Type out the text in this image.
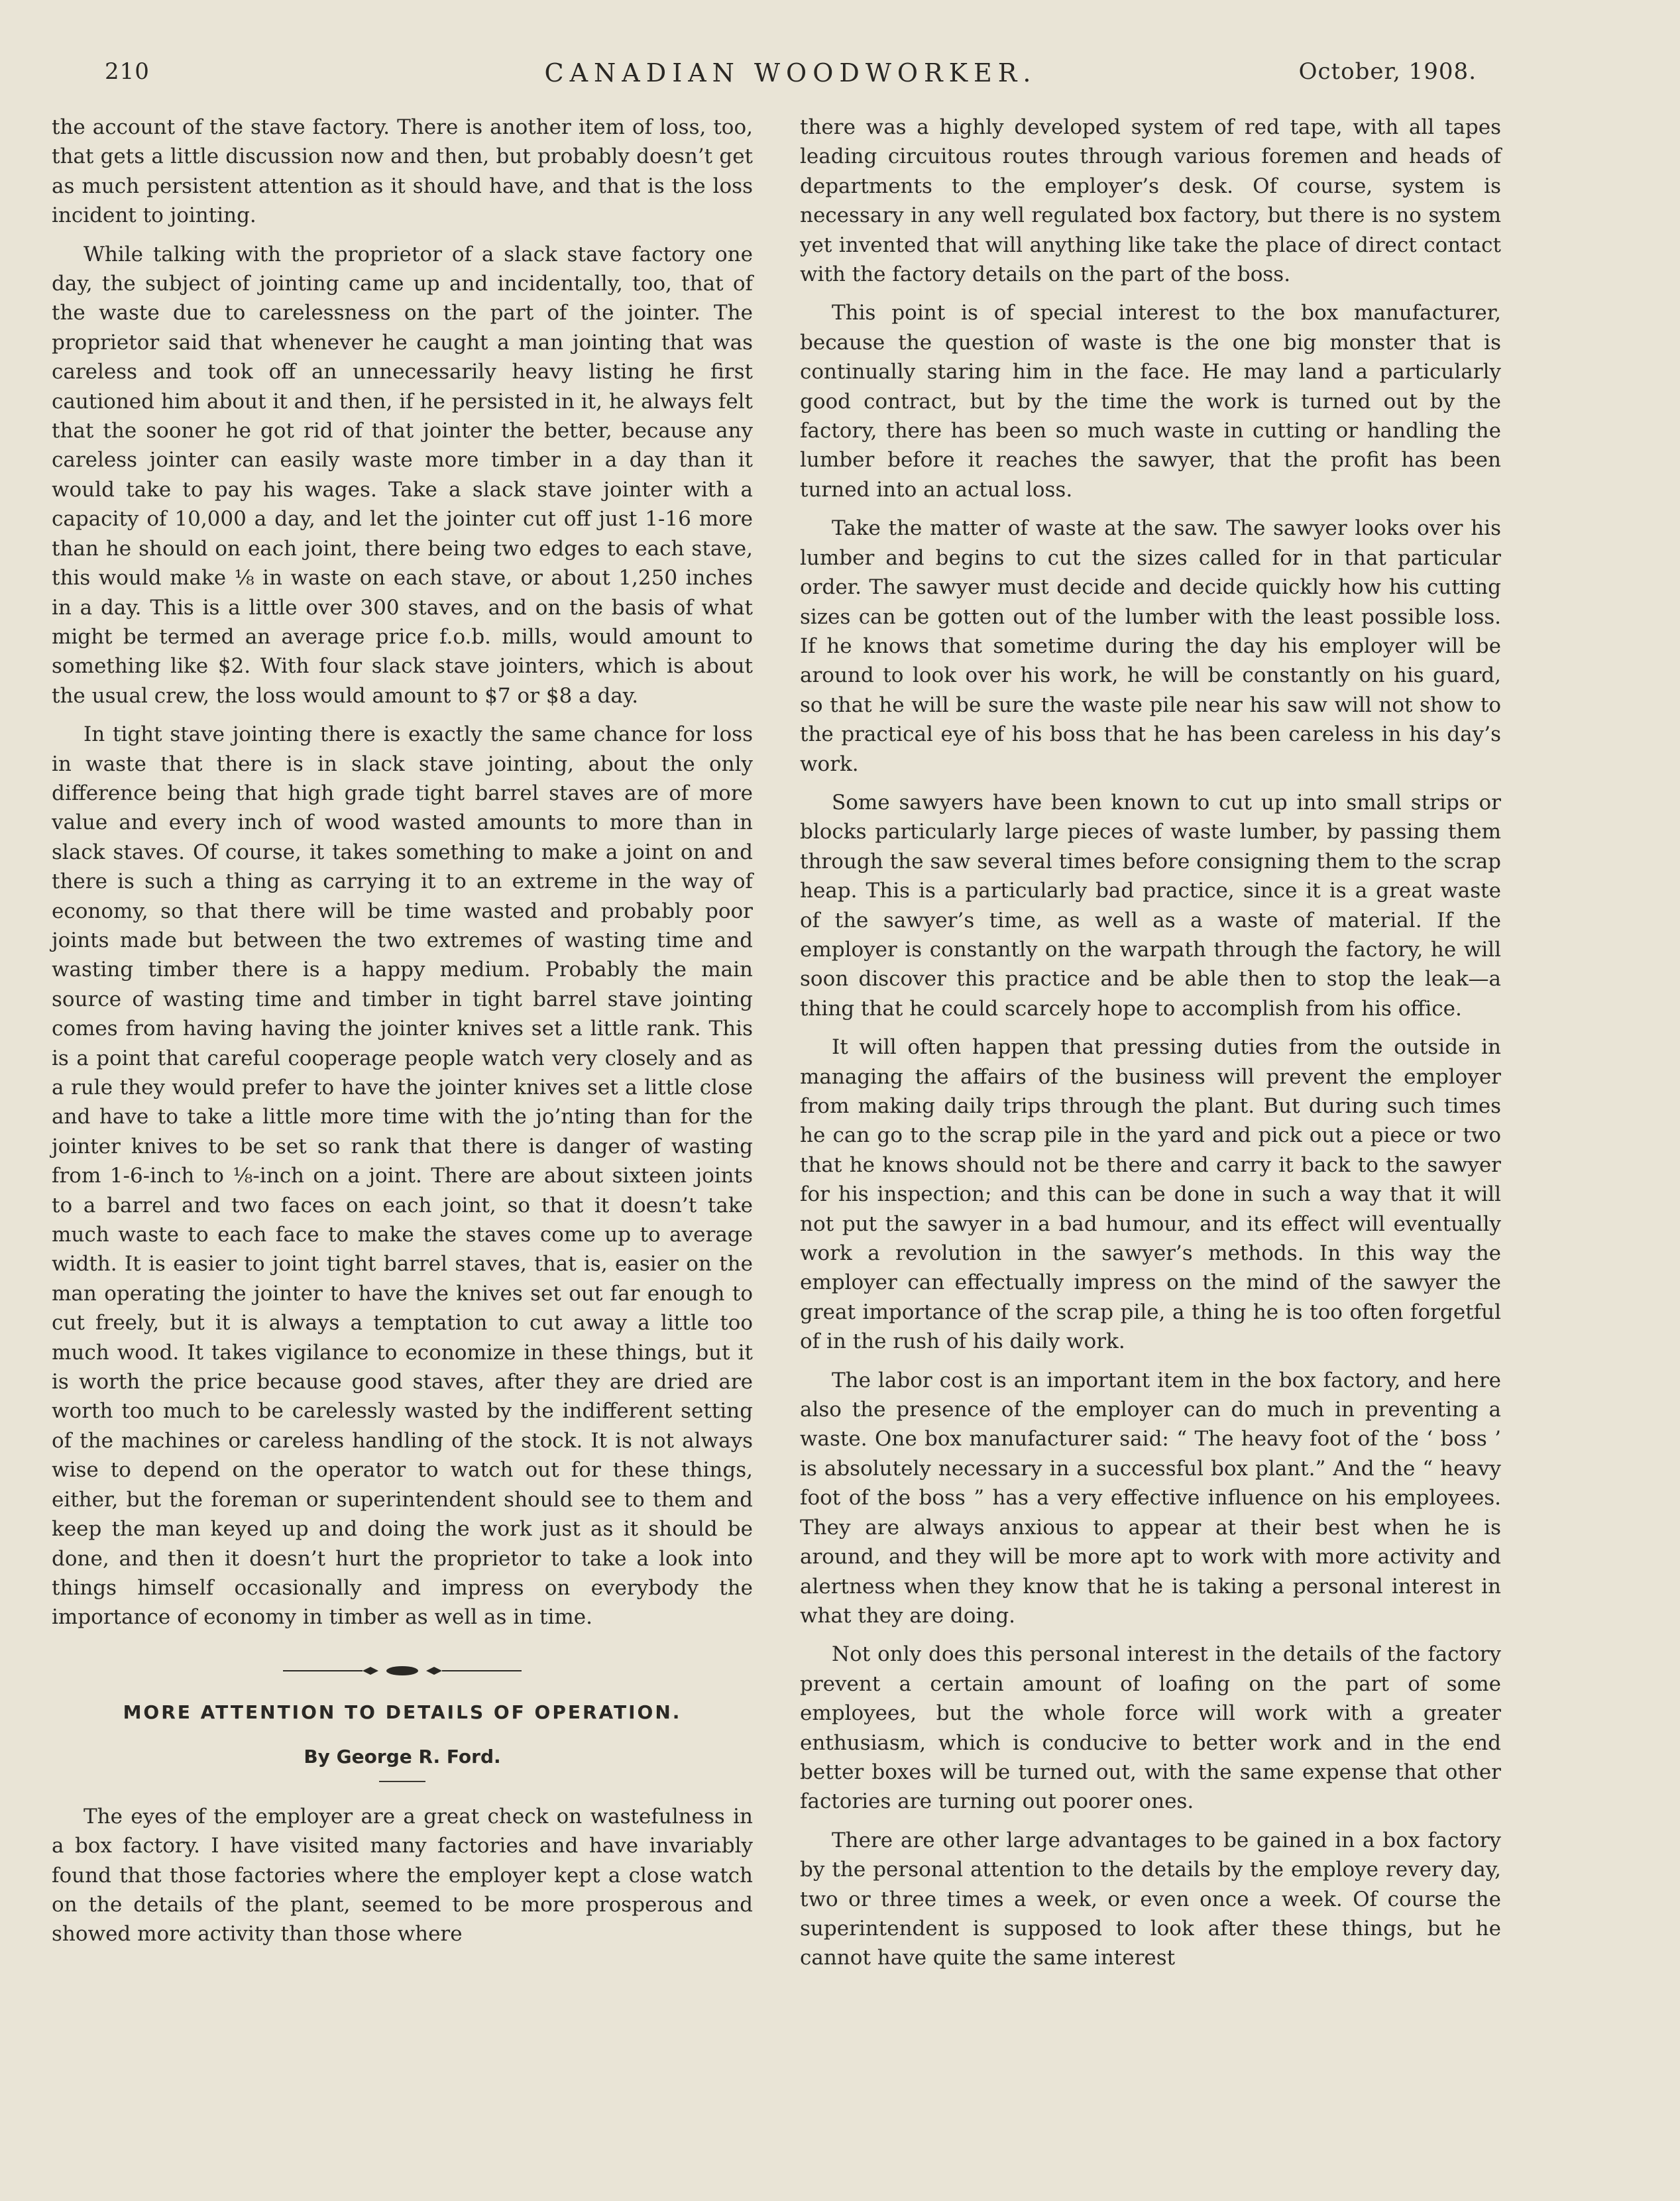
210	CANADIAN WOODWORKER.	October, 1908.

the account of the stave factory. There is another item of loss, too, that gets a little discussion now and then, but probably doesn’t get as much persistent attention as it should have, and that is the loss incident to jointing.

While talking with the proprietor of a slack stave factory one day, the subject of jointing came up and incidentally, too, that of the waste due to carelessness on the part of the jointer. The proprietor said that whenever he caught a man jointing that was careless and took off an unnecessarily heavy listing he first cautioned him about it and then, if he persisted in it, he always felt that the sooner he got rid of that jointer the better, because any careless jointer can easily waste more timber in a day than it would take to pay his wages. Take a slack stave jointer with a capacity of 10,000 a day, and let the jointer cut off just 1-16 more than he should on each joint, there being two edges to each stave, this would make ⅛ in waste on each stave, or about 1,250 inches in a day. This is a little over 300 staves, and on the basis of what might be termed an average price f.o.b. mills, would amount to something like $2. With four slack stave jointers, which is about the usual crew, the loss would amount to $7 or $8 a day.

In tight stave jointing there is exactly the same chance for loss in waste that there is in slack stave jointing, about the only difference being that high grade tight barrel staves are of more value and every inch of wood wasted amounts to more than in slack staves. Of course, it takes something to make a joint on and there is such a thing as carrying it to an extreme in the way of economy, so that there will be time wasted and probably poor joints made but between the two extremes of wasting time and wasting timber there is a happy medium. Probably the main source of wasting time and timber in tight barrel stave jointing comes from having having the jointer knives set a little rank. This is a point that careful cooperage people watch very closely and as a rule they would prefer to have the jointer knives set a little close and have to take a little more time with the jo’nting than for the jointer knives to be set so rank that there is danger of wasting from 1-6-inch to ⅛-inch on a joint. There are about sixteen joints to a barrel and two faces on each joint, so that it doesn’t take much waste to each face to make the staves come up to average width. It is easier to joint tight barrel staves, that is, easier on the man operating the jointer to have the knives set out far enough to cut freely, but it is always a temptation to cut away a little too much wood. It takes vigilance to economize in these things, but it is worth the price because good staves, after they are dried are worth too much to be carelessly wasted by the indifferent setting of the machines or careless handling of the stock. It is not always wise to depend on the operator to watch out for these things, either, but the foreman or superintendent should see to them and keep the man keyed up and doing the work just as it should be done, and then it doesn’t hurt the proprietor to take a look into things himself occasionally and impress on everybody the importance of economy in timber as well as in time.

MORE ATTENTION TO DETAILS OF OPERATION.
By George R. Ford.

The eyes of the employer are a great check on wastefulness in a box factory. I have visited many factories and have invariably found that those factories where the employer kept a close watch on the details of the plant, seemed to be more prosperous and showed more activity than those where

there was a highly developed system of red tape, with all tapes leading circuitous routes through various foremen and heads of departments to the employer’s desk. Of course, system is necessary in any well regulated box factory, but there is no system yet invented that will anything like take the place of direct contact with the factory details on the part of the boss.

This point is of special interest to the box manufacturer, because the question of waste is the one big monster that is continually staring him in the face. He may land a particularly good contract, but by the time the work is turned out by the factory, there has been so much waste in cutting or handling the lumber before it reaches the sawyer, that the profit has been turned into an actual loss.

Take the matter of waste at the saw. The sawyer looks over his lumber and begins to cut the sizes called for in that particular order. The sawyer must decide and decide quickly how his cutting sizes can be gotten out of the lumber with the least possible loss. If he knows that sometime during the day his employer will be around to look over his work, he will be constantly on his guard, so that he will be sure the waste pile near his saw will not show to the practical eye of his boss that he has been careless in his day’s work.

Some sawyers have been known to cut up into small strips or blocks particularly large pieces of waste lumber, by passing them through the saw several times before consigning them to the scrap heap. This is a particularly bad practice, since it is a great waste of the sawyer’s time, as well as a waste of material. If the employer is constantly on the warpath through the factory, he will soon discover this practice and be able then to stop the leak—a thing that he could scarcely hope to accomplish from his office.

It will often happen that pressing duties from the outside in managing the affairs of the business will prevent the employer from making daily trips through the plant. But during such times he can go to the scrap pile in the yard and pick out a piece or two that he knows should not be there and carry it back to the sawyer for his inspection; and this can be done in such a way that it will not put the sawyer in a bad humour, and its effect will eventually work a revolution in the sawyer’s methods. In this way the employer can effectually impress on the mind of the sawyer the great importance of the scrap pile, a thing he is too often forgetful of in the rush of his daily work.

The labor cost is an important item in the box factory, and here also the presence of the employer can do much in preventing a waste. One box manufacturer said: “ The heavy foot of the ‘ boss ’ is absolutely necessary in a successful box plant.” And the “ heavy foot of the boss ” has a very effective influence on his employees. They are always anxious to appear at their best when he is around, and they will be more apt to work with more activity and alertness when they know that he is taking a personal interest in what they are doing.

Not only does this personal interest in the details of the factory prevent a certain amount of loafing on the part of some employees, but the whole force will work with a greater enthusiasm, which is conducive to better work and in the end better boxes will be turned out, with the same expense that other factories are turning out poorer ones.

There are other large advantages to be gained in a box factory by the personal attention to the details by the employe revery day, two or three times a week, or even once a week. Of course the superintendent is supposed to look after these things, but he cannot have quite the same interest
